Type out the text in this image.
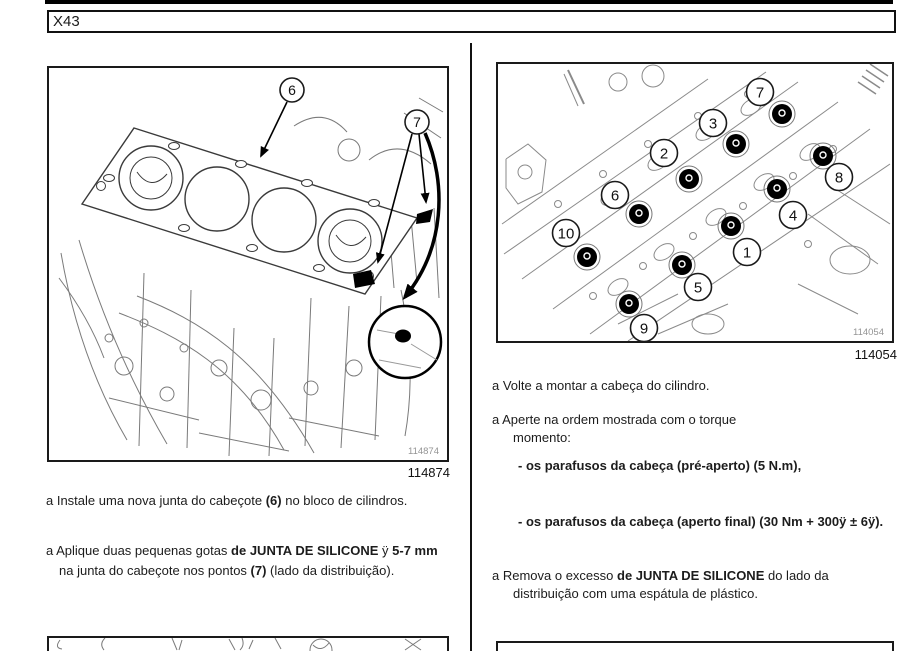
X43
114874
6
7
114874
114054
7
3
2
6
8
10
4
1
5
9
114054
a Instale uma nova junta do cabeçote (6) no bloco de cilindros.
a Aplique duas pequenas gotas de JUNTA DE SILICONE ÿ 5-7 mm
na junta do cabeçote nos pontos (7) (lado da distribuição).
a Volte a montar a cabeça do cilindro.
a Aperte na ordem mostrada com o torque
momento:
- os parafusos da cabeça (pré-aperto) (5 N.m),
- os parafusos da cabeça (aperto final) (30 Nm + 300ÿ ± 6ÿ).
a Remova o excesso de JUNTA DE SILICONE do lado da
distribuição com uma espátula de plástico.
